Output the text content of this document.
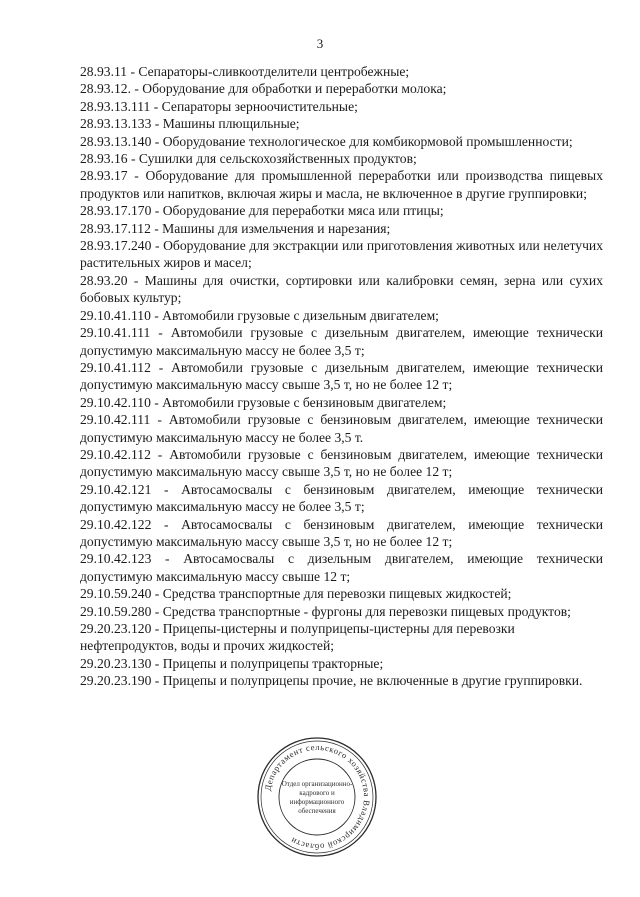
3

28.93.11 - Сепараторы-сливкоотделители центробежные;

28.93.12. - Оборудование для обработки и переработки молока;

28.93.13.111 - Сепараторы зерноочистительные;

28.93.13.133 - Машины плющильные;

28.93.13.140 - Оборудование технологическое для комбикормовой промышленности;

28.93.16 - Сушилки для сельскохозяйственных продуктов;

28.93.17 - Оборудование для промышленной переработки или производства пищевых продуктов или напитков, включая жиры и масла, не включенное в другие группировки;

28.93.17.170 - Оборудование для переработки мяса или птицы;

28.93.17.112 - Машины для измельчения и нарезания;

28.93.17.240 - Оборудование для экстракции или приготовления животных или нелетучих растительных жиров и масел;

28.93.20 - Машины для очистки, сортировки или калибровки семян, зерна или сухих бобовых культур;

29.10.41.110 - Автомобили грузовые с дизельным двигателем;

29.10.41.111 - Автомобили грузовые с дизельным двигателем, имеющие технически допустимую максимальную массу не более 3,5 т;

29.10.41.112 - Автомобили грузовые с дизельным двигателем, имеющие технически допустимую максимальную массу свыше 3,5 т, но не более 12 т;

29.10.42.110 - Автомобили грузовые с бензиновым двигателем;

29.10.42.111 - Автомобили грузовые с бензиновым двигателем, имеющие технически допустимую максимальную массу не более 3,5 т.

29.10.42.112 - Автомобили грузовые с бензиновым двигателем, имеющие технически допустимую максимальную массу свыше 3,5 т, но не более 12 т;

29.10.42.121 - Автосамосвалы с бензиновым двигателем, имеющие технически допустимую максимальную массу не более 3,5 т;

29.10.42.122 - Автосамосвалы с бензиновым двигателем, имеющие технически допустимую максимальную массу свыше 3,5 т, но не более 12 т;

29.10.42.123 - Автосамосвалы с дизельным двигателем, имеющие технически допустимую максимальную массу свыше 12 т;

29.10.59.240 - Средства транспортные для перевозки пищевых жидкостей;

29.10.59.280 - Средства транспортные - фургоны для перевозки пищевых продуктов;

29.20.23.120 - Прицепы-цистерны и полуприцепы-цистерны для перевозки нефтепродуктов, воды и прочих жидкостей;

29.20.23.130 - Прицепы и полуприцепы тракторные;

29.20.23.190 - Прицепы и полуприцепы прочие, не включенные в другие группировки.

Департамент сельского хозяйства Владимирской области
Отдел организационно-
кадрового и
информационного
обеспечения
